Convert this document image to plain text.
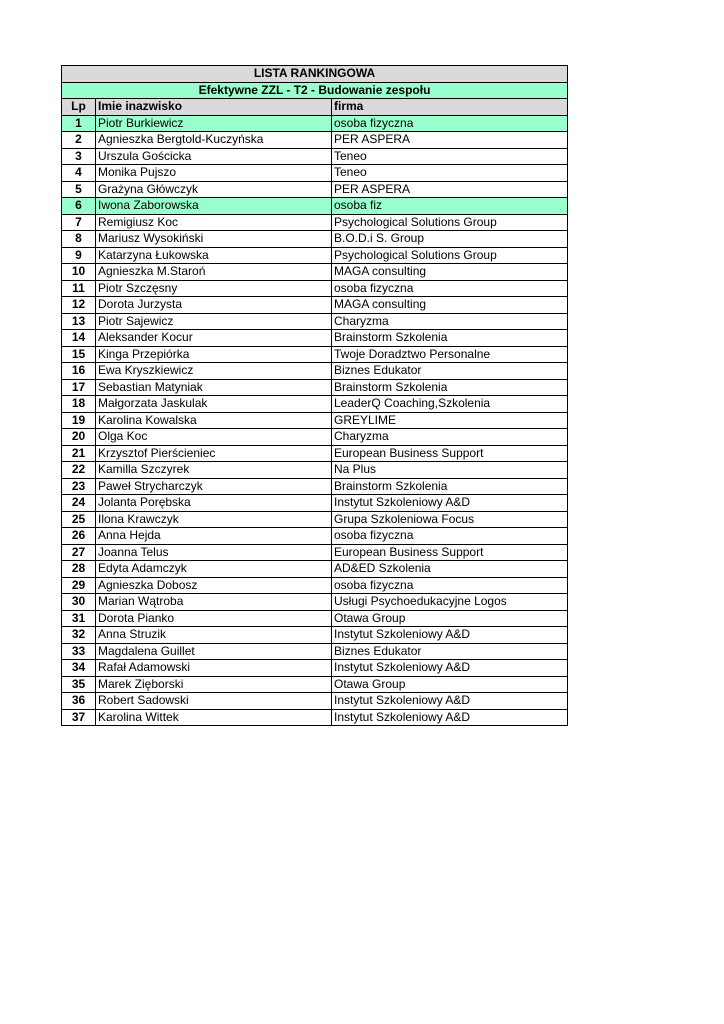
LISTA RANKINGOWA		
Efektywne ZZL - T2 - Budowanie zespołu		
Lp	Imie inazwisko	firma
1	Piotr Burkiewicz	osoba fizyczna
2	Agnieszka Bergtold-Kuczyńska	PER ASPERA
3	Urszula Gościcka	Teneo
4	Monika Pujszo	Teneo
5	Grażyna Główczyk	PER ASPERA
6	Iwona Zaborowska	osoba fiz
7	Remigiusz Koc	Psychological Solutions Group
8	Mariusz Wysokiński	B.O.D.i S. Group
9	Katarzyna Łukowska	Psychological Solutions Group
10	Agnieszka M.Staroń	MAGA consulting
11	Piotr Szczęsny	osoba fizyczna
12	Dorota Jurzysta	MAGA consulting
13	Piotr Sajewicz	Charyzma
14	Aleksander Kocur	Brainstorm Szkolenia
15	Kinga Przepiórka	Twoje Doradztwo Personalne
16	Ewa Kryszkiewicz	Biznes Edukator
17	Sebastian Matyniak	Brainstorm Szkolenia
18	Małgorzata Jaskulak	LeaderQ Coaching,Szkolenia
19	Karolina Kowalska	GREYLIME
20	Olga Koc	Charyzma
21	Krzysztof Pierścieniec	European Business Support
22	Kamilla Szczyrek	Na Plus
23	Paweł Strycharczyk	Brainstorm Szkolenia
24	Jolanta Porębska	Instytut Szkoleniowy A&D
25	Ilona Krawczyk	Grupa Szkoleniowa Focus
26	Anna Hejda	osoba fizyczna
27	Joanna Telus	European Business Support
28	Edyta Adamczyk	AD&ED Szkolenia
29	Agnieszka Dobosz	osoba fizyczna
30	Marian Wątroba	Usługi Psychoedukacyjne Logos
31	Dorota Pianko	Otawa Group
32	Anna Struzik	Instytut Szkoleniowy A&D
33	Magdalena Guillet	Biznes Edukator
34	Rafał Adamowski	Instytut Szkoleniowy A&D
35	Marek Zięborski	Otawa Group
36	Robert Sadowski	Instytut Szkoleniowy A&D
37	Karolina Wittek	Instytut Szkoleniowy A&D
